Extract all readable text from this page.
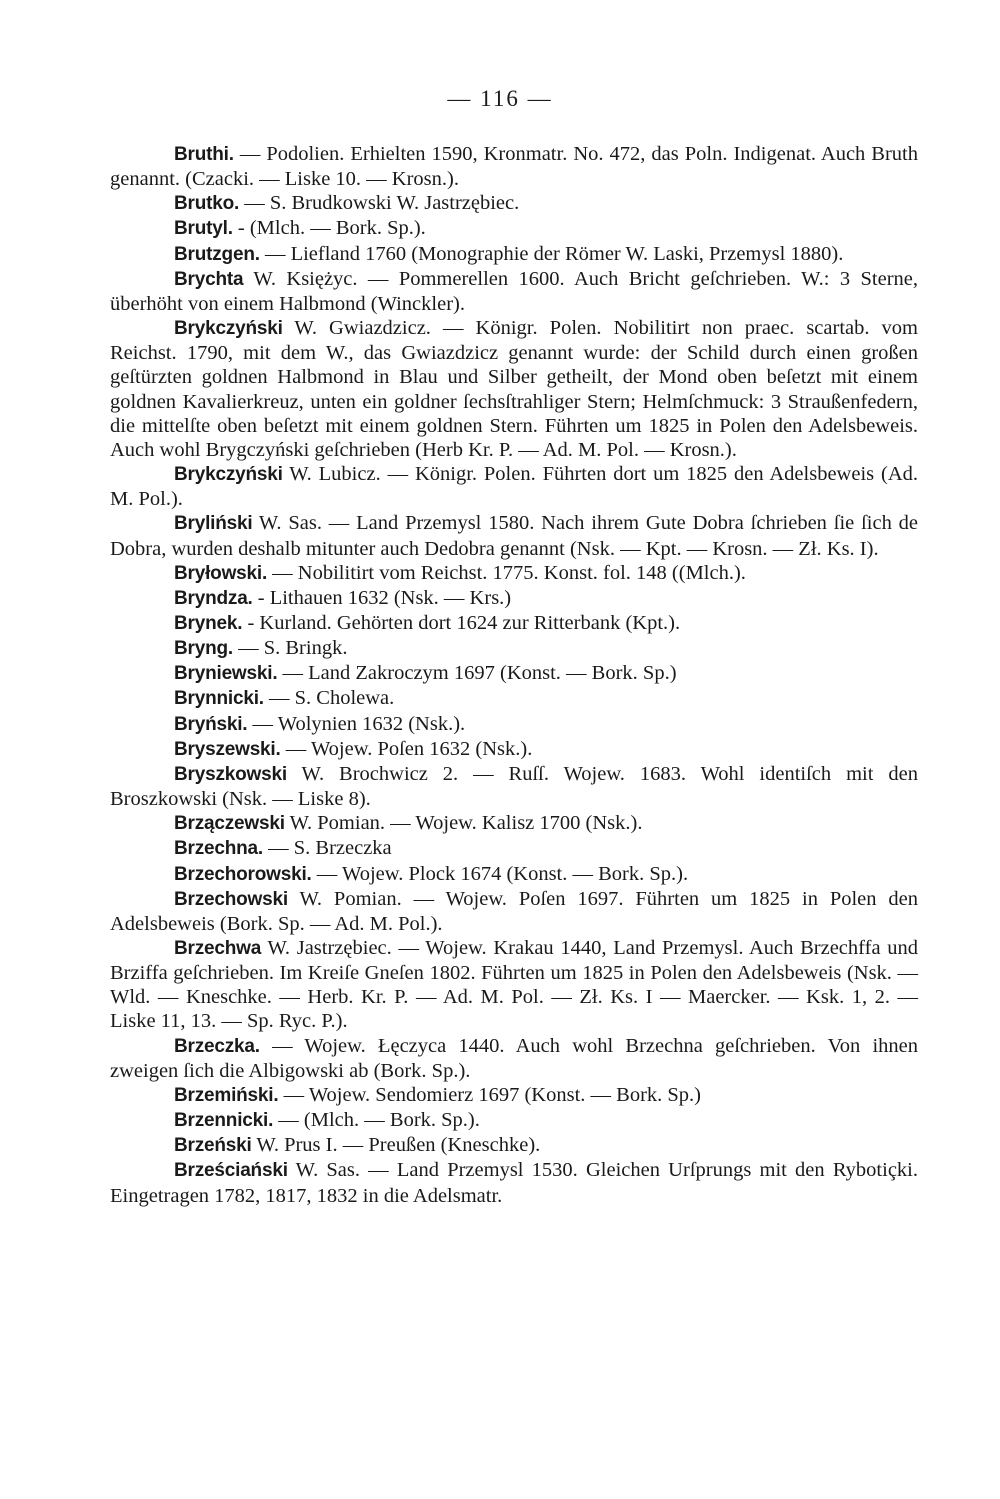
— 116 —

Bruthi. — Podolien. Erhielten 1590, Kronmatr. No. 472, das Poln. Indigenat. Auch Bruth genannt. (Czacki. — Liske 10. — Krosn.).

Brutko. — S. Brudkowski W. Jastrzębiec.

Brutyl. - (Mlch. — Bork. Sp.).

Brutzgen. — Liefland 1760 (Monographie der Römer W. Laski, Przemysl 1880).

Brychta W. Księżyc. — Pommerellen 1600. Auch Bricht geſchrieben. W.: 3 Sterne, überhöht von einem Halbmond (Winckler).

Brykczyński W. Gwiazdzicz. — Königr. Polen. Nobilitirt non praec. scartab. vom Reichst. 1790, mit dem W., das Gwiazdzicz genannt wurde: der Schild durch einen großen geſtürzten goldnen Halbmond in Blau und Silber getheilt, der Mond oben beſetzt mit einem goldnen Kavalierkreuz, unten ein goldner ſechsſtrahliger Stern; Helmſchmuck: 3 Straußenfedern, die mittelſte oben beſetzt mit einem goldnen Stern. Führten um 1825 in Polen den Adelsbeweis. Auch wohl Brygczyński geſchrieben (Herb Kr. P. — Ad. M. Pol. — Krosn.).

Brykczyński W. Lubicz. — Königr. Polen. Führten dort um 1825 den Adelsbeweis (Ad. M. Pol.).

Bryliński W. Sas. — Land Przemysl 1580. Nach ihrem Gute Dobra ſchrieben ſie ſich de Dobra, wurden deshalb mitunter auch Dedobra genannt (Nsk. — Kpt. — Krosn. — Zł. Ks. I).

Bryłowski. — Nobilitirt vom Reichst. 1775. Konst. fol. 148 ((Mlch.).

Bryndza. - Lithauen 1632 (Nsk. — Krs.)

Brynek. - Kurland. Gehörten dort 1624 zur Ritterbank (Kpt.).

Bryng. — S. Bringk.

Bryniewski. — Land Zakroczym 1697 (Konst. — Bork. Sp.)

Brynnicki. — S. Cholewa.

Bryński. — Wolynien 1632 (Nsk.).

Bryszewski. — Wojew. Poſen 1632 (Nsk.).

Bryszkowski W. Brochwicz 2. — Ruſſ. Wojew. 1683. Wohl identiſch mit den Broszkowski (Nsk. — Liske 8).

Brzączewski W. Pomian. — Wojew. Kalisz 1700 (Nsk.).

Brzechna. — S. Brzeczka

Brzechorowski. — Wojew. Plock 1674 (Konst. — Bork. Sp.).

Brzechowski W. Pomian. — Wojew. Poſen 1697. Führten um 1825 in Polen den Adelsbeweis (Bork. Sp. — Ad. M. Pol.).

Brzechwa W. Jastrzębiec. — Wojew. Krakau 1440, Land Przemysl. Auch Brzechffa und Brziffa geſchrieben. Im Kreiſe Gneſen 1802. Führten um 1825 in Polen den Adelsbeweis (Nsk. — Wld. — Kneschke. — Herb. Kr. P. — Ad. M. Pol. — Zł. Ks. I — Maercker. — Ksk. 1, 2. — Liske 11, 13. — Sp. Ryc. P.).

Brzeczka. — Wojew. Łęczyca 1440. Auch wohl Brzechna geſchrieben. Von ihnen zweigen ſich die Albigowski ab (Bork. Sp.).

Brzemiński. — Wojew. Sendomierz 1697 (Konst. — Bork. Sp.)

Brzennicki. — (Mlch. — Bork. Sp.).

Brzeński W. Prus I. — Preußen (Kneschke).

Brześciański W. Sas. — Land Przemysl 1530. Gleichen Urſprungs mit den Rybotiçki. Eingetragen 1782, 1817, 1832 in die Adelsmatr.
